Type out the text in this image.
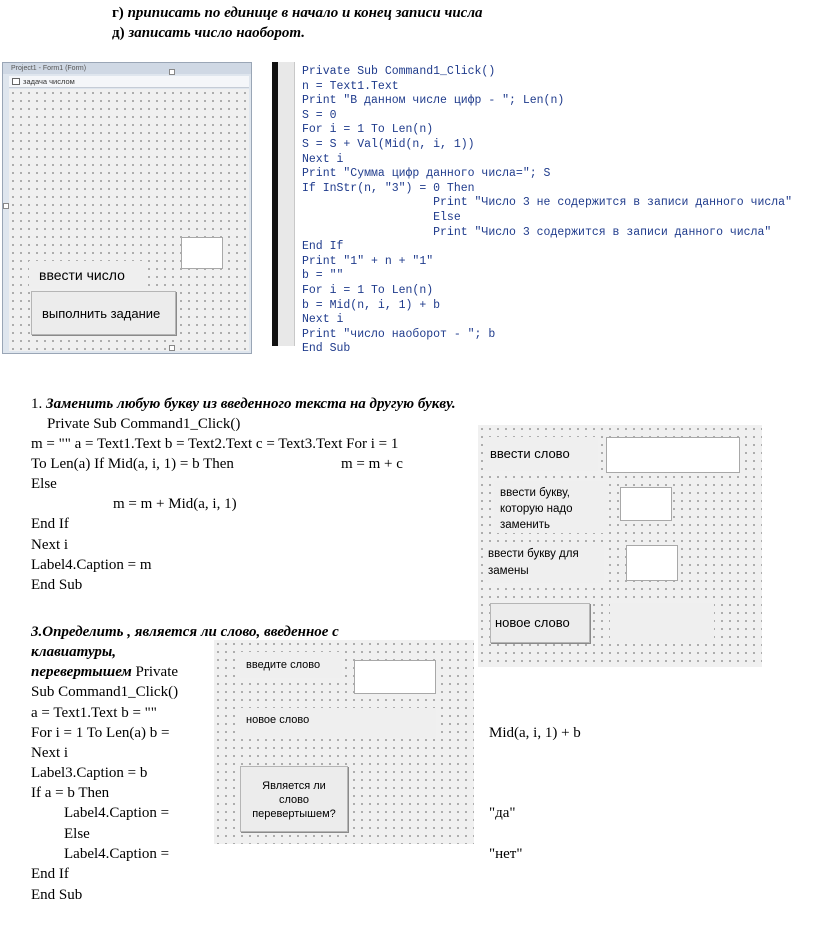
г) приписать по единице в начало и конец записи числа
д) записать число наоборот.
Project1 - Form1 (Form)
задача числом
ввести число
выполнить задание
Private Sub Command1_Click()
n = Text1.Text
Print "В данном числе цифр - "; Len(n)
S = 0
For i = 1 To Len(n)
S = S + Val(Mid(n, i, 1))
Next i
Print "Сумма цифр данного числа="; S
If InStr(n, "3") = 0 Then
Print "Число 3 не содержится в записи данного числа"
Else
Print "Число 3 содержится в записи данного числа"
End If
Print "1" + n + "1"
b = ""
For i = 1 To Len(n)
b = Mid(n, i, 1) + b
Next i
Print "число наоборот - "; b
End Sub
1. Заменить любую букву из введенного текста на другую букву.
Private Sub Command1_Click()
m = "" a = Text1.Text b = Text2.Text c = Text3.Text For i = 1
To Len(a) If Mid(a, i, 1) = b Then	m = m + c
Else
m = m + Mid(a, i, 1)
End If
Next i
Label4.Caption = m
End Sub
ввести слово
ввести букву, которую надо заменить
ввести букву для замены
новое слово
3.Определить , является ли слово, введенное с
клавиатуры,
перевертышем Private
Sub Command1_Click()
a = Text1.Text b = ""
For i = 1 To Len(a) b =	Mid(a, i, 1) + b
Next i
Label3.Caption = b
If a = b Then
Label4.Caption =	"да"
Else
Label4.Caption =	"нет"
End If
End Sub
введите слово
новое слово
Является ли слово перевертышем?
